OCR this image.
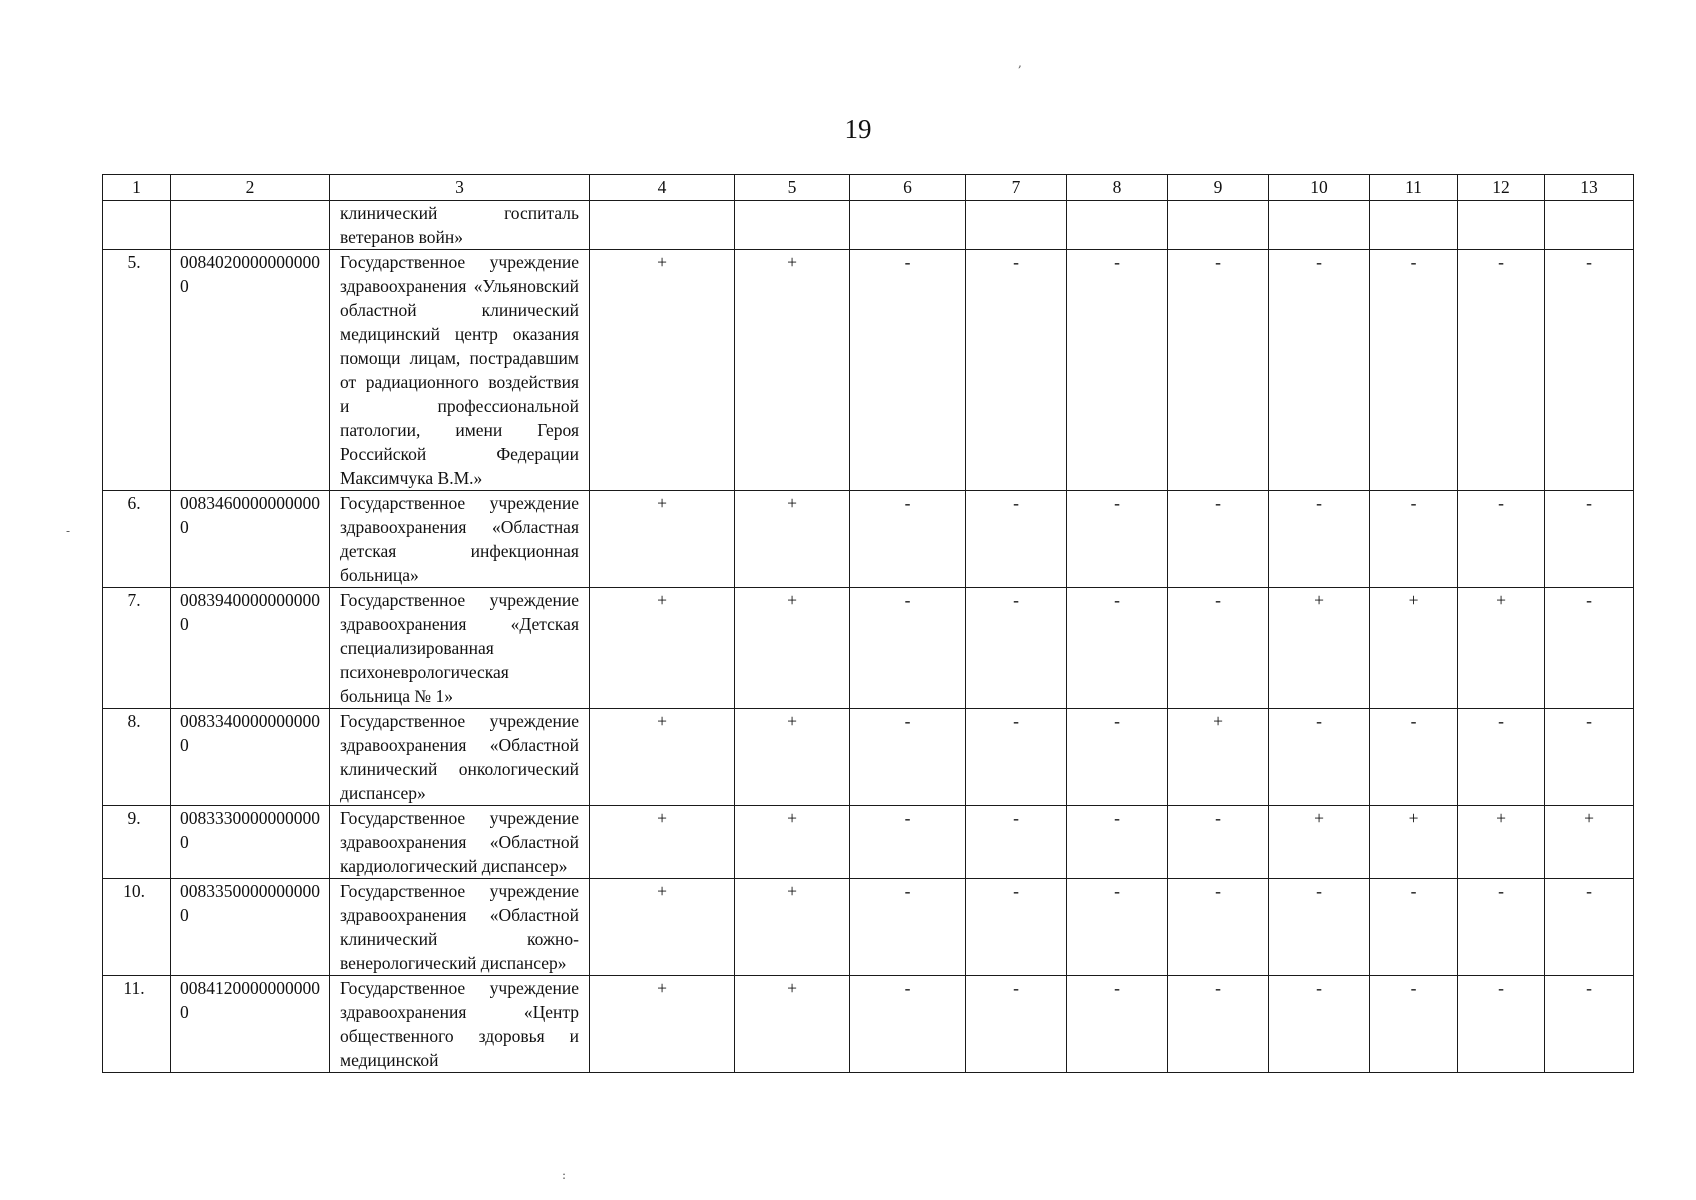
19
,
-
:
1	2	3	4	5	6	7	8	9	10	11	12	13
		клинический госпиталь ветеранов войн»										
5.	00840200000000000	Государственное учреждение здравоохранения «Ульяновский областной клинический медицинский центр оказания помощи лицам, пострадавшим от радиационного воздействия и профессиональной патологии, имени Героя Российской Федерации Максимчука В.М.»	+	+	-	-	-	-	-	-	-	-
6.	00834600000000000	Государственное учреждение здравоохранения «Областная детская инфекционная больница»	+	+	-	-	-	-	-	-	-	-
7.	00839400000000000	Государственное учреждение здравоохранения «Детская специализированная психоневрологическая больница № 1»	+	+	-	-	-	-	+	+	+	-
8.	00833400000000000	Государственное учреждение здравоохранения «Областной клинический онкологический диспансер»	+	+	-	-	-	+	-	-	-	-
9.	00833300000000000	Государственное учреждение здравоохранения «Областной кардиологический диспансер»	+	+	-	-	-	-	+	+	+	+
10.	00833500000000000	Государственное учреждение здравоохранения «Областной клинический кожно-венерологический диспансер»	+	+	-	-	-	-	-	-	-	-
11.	00841200000000000	Государственное учреждение здравоохранения «Центр общественного здоровья и медицинской	+	+	-	-	-	-	-	-	-	-
